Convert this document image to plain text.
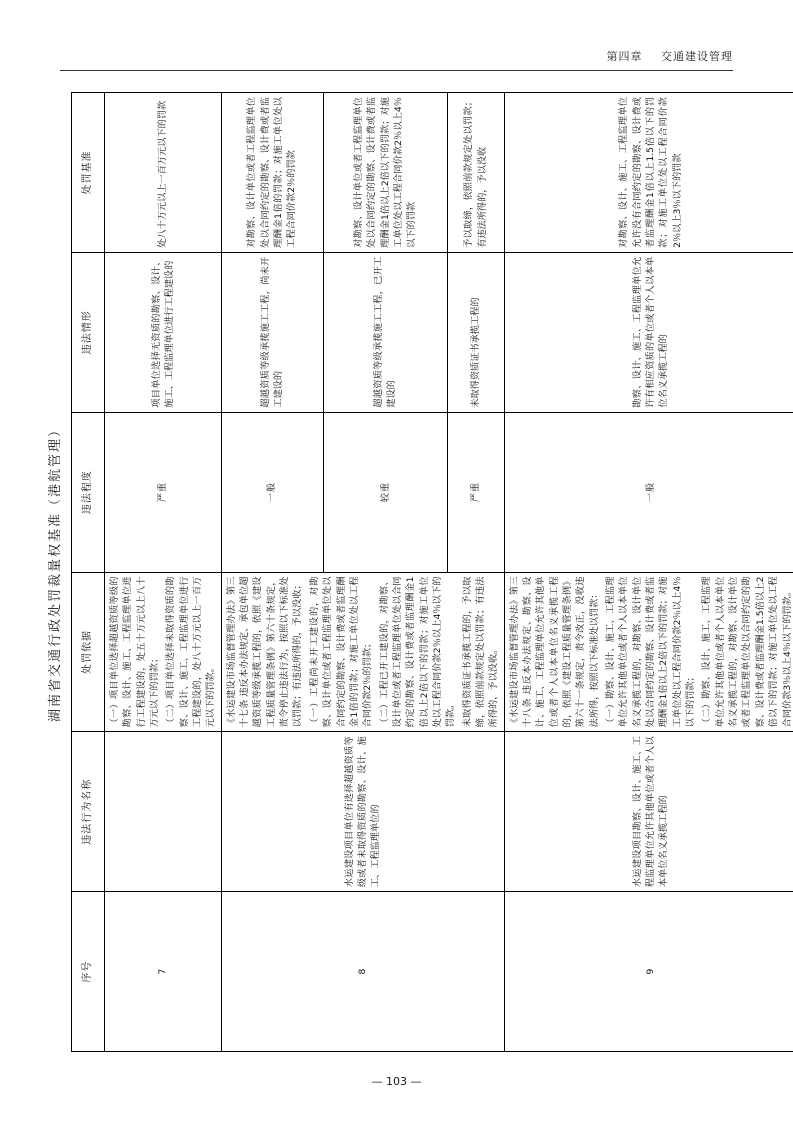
第四章 交通建设管理
湖南省交通行政处罚裁量权基准（港航管理）
序号	违法行为名称	处罚依据	违法程度	违法情形	处罚基准
7		（一）项目单位选择超越资质等级的勘察、设计、施工、工程监理单位进行工程建设的，处五十万元以上八十万元以下的罚款； （二）项目单位选择未取得资质的勘察、设计、施工、工程监理单位进行工程建设的，处八十万元以上一百万元以下的罚款。	严重	项目单位选择无资质的勘察、设计、施工、工程监理单位进行工程建设的	处八十万元以上一百万元以下的罚款
8	水运建设项目单位有选择超越资质等级或者未取得资质的勘察、设计、施工、工程监理单位的	《水运建设市场监督管理办法》第三十七条 违反本办法规定、承包单位超越资质等级承揽工程的，依照《建设工程质量管理条例》第六十条规定，责令停止违法行为，按照以下标准处以罚款；有违法所得的，予以没收； （一）工程尚未开工建设的，对勘察、设计单位或者工程监理单位处以合同约定的勘察、设计费或者监理酬金1倍的罚款；对施工单位处以工程合同价款2％的罚款； （二）工程已开工建设的，对勘察、设计单位或者工程监理单位处以合同约定的勘察、设计费或者监理酬金1倍以上2倍以下的罚款；对施工单位处以工程合同价款2％以上4％以下的罚款。 未取得资质证书承揽工程的，予以取缔，依照前款规定处以罚款；有违法所得的，予以没收。	一般	超越资质等级承揽施工工程，尚未开工建设的	对勘察、设计单位或者工程监理单位处以合同约定的勘察、设计费或者监理酬金1倍的罚款；对施工单位处以工程合同价款2％的罚款
			较重	超越资质等级承揽施工工程，已开工建设的	对勘察、设计单位或者工程监理单位处以合同约定的勘察、设计费或者监理酬金1倍以上2倍以下的罚款；对施工单位处以工程合同价款2％以上4％以下的罚款
			严重	未取得资质证书承揽工程的	予以取缔，依照前款规定处以罚款；有违法所得的，予以没收
9	水运建设项目勘察、设计、施工、工程监理单位允许其他单位或者个人以本单位名义承揽工程的	《水运建设市场监督管理办法》第三十八条 违反本办法规定、勘察、设计、施工、工程监理单位允许其他单位或者个人以本单位名义承揽工程的，依照《建设工程质量管理条例》第六十一条规定，责令改正，没收违法所得，按照以下标准处以罚款： （一）勘察、设计、施工、工程监理单位允许其他单位或者个人以本单位名义承揽工程的，对勘察、设计单位处以合同约定的勘察、设计费或者监理酬金1倍以上2倍以下的罚款；对施工单位处以工程合同价款2％以上4％以下的罚款； （二）勘察、设计、施工、工程监理单位允许其他单位或者个人以本单位名义承揽工程的，对勘察、设计单位或者工程监理单位处以合同约定的勘察、设计费或者监理酬金1.5倍以上2倍以下的罚款；对施工单位处以工程合同价款3％以上4％以下的罚款。	一般	勘察、设计、施工、工程监理单位允许有相应资质的单位或者个人以本单位名义承揽工程的	对勘察、设计、施工、工程监理单位允许没有合同约定的勘察、设计费或者监理酬金1倍以上1.5倍以下的罚款；对施工单位处以工程合同价款2％以上3％以下的罚款
— 103 —
